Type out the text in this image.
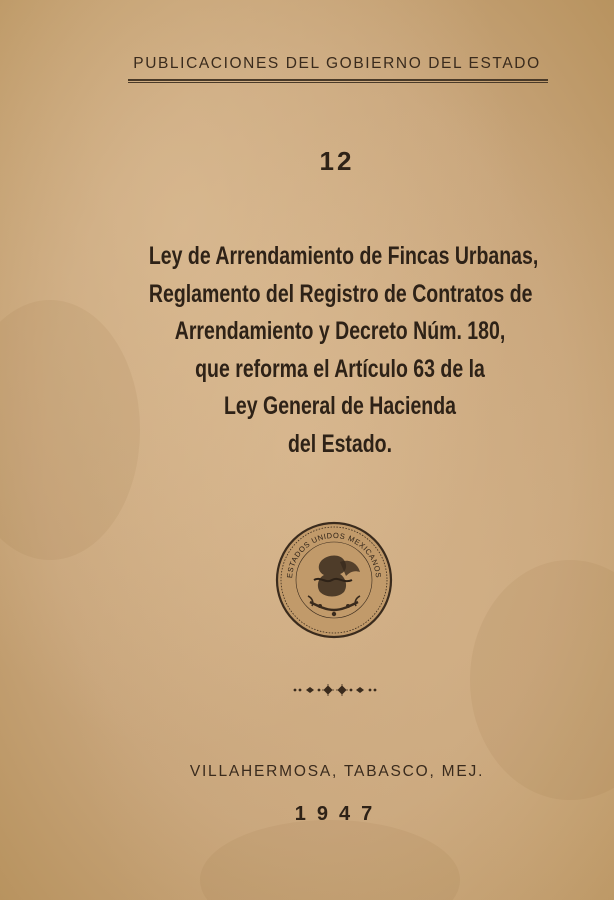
PUBLICACIONES DEL GOBIERNO DEL ESTADO
12
Ley de Arrendamiento de Fincas Urbanas,
Reglamento del Registro de Contratos de
Arrendamiento y Decreto Núm. 180,
que reforma el Artículo 63 de la
Ley General de Hacienda
del Estado.
ESTADOS UNIDOS MEXICANOS
VILLAHERMOSA, TABASCO, MEJ.
1947
